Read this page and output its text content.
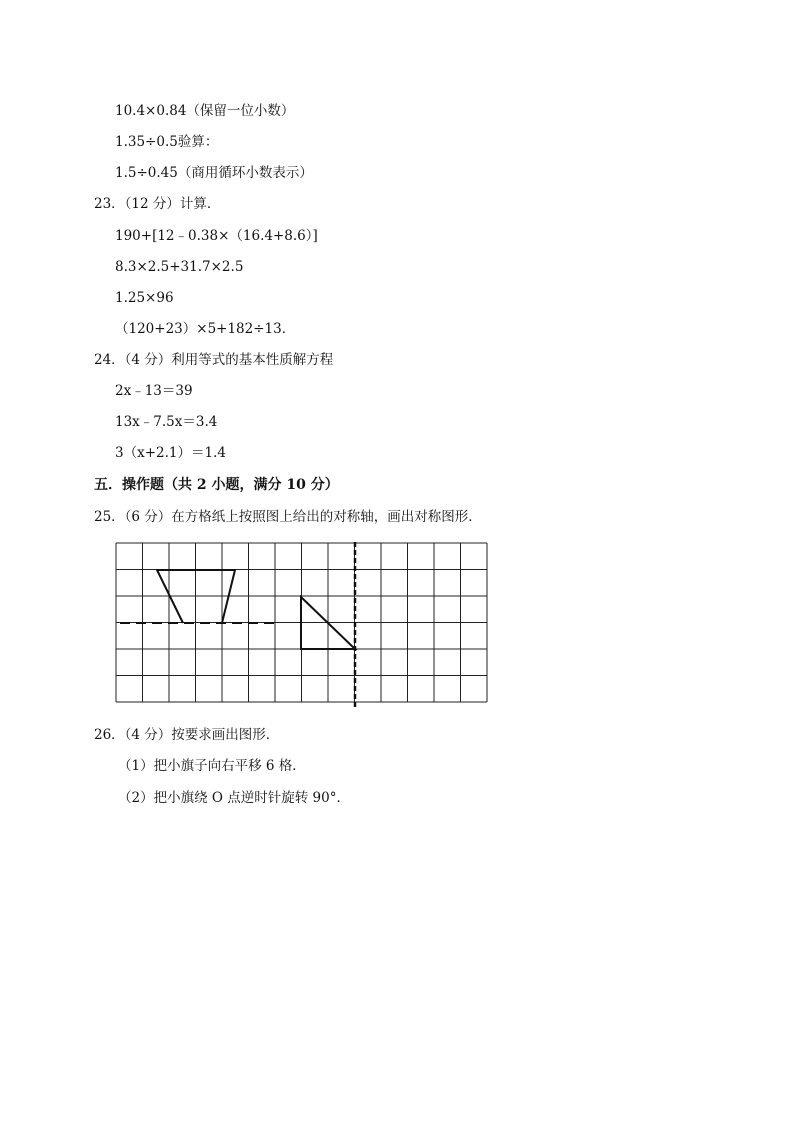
10.4×0.84（保留一位小数）
1.35÷0.5验算：
1.5÷0.45（商用循环小数表示）
23．（12 分）计算．
190+[12﹣0.38×（16.4+8.6）]
8.3×2.5+31.7×2.5
1.25×96
（120+23）×5+182÷13．
24．（4 分）利用等式的基本性质解方程
2x﹣13＝39
13x﹣7.5x＝3.4
3（x+2.1）＝1.4
五．操作题（共 2 小题，满分 10 分）
25．（6 分）在方格纸上按照图上给出的对称轴，画出对称图形．
26．（4 分）按要求画出图形．
（1）把小旗子向右平移 6 格．
（2）把小旗绕 O 点逆时针旋转 90°．
